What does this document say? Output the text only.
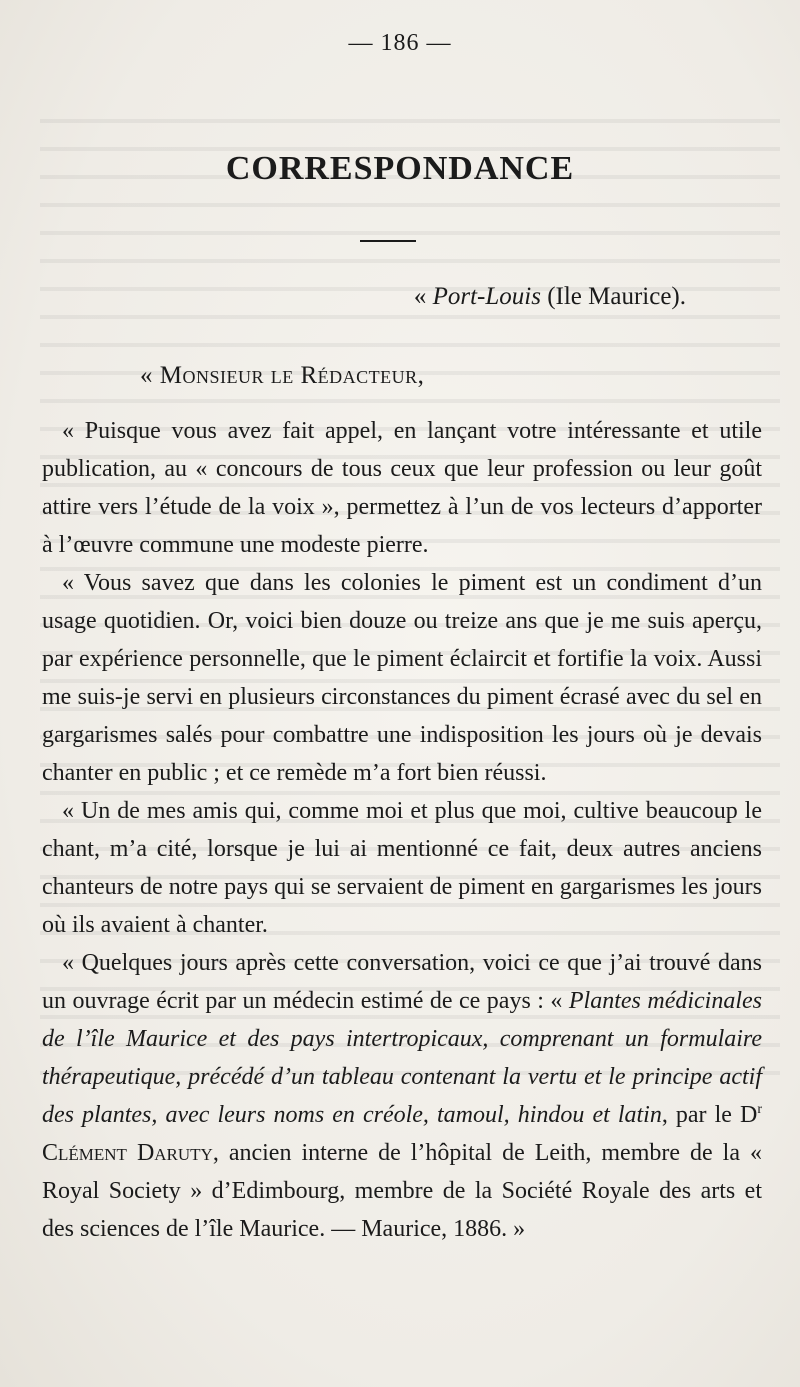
— 186 —
CORRESPONDANCE
« Port-Louis (Ile Maurice).
« Monsieur le Rédacteur,

« Puisque vous avez fait appel, en lançant votre intéressante et utile publication, au « concours de tous ceux que leur profession ou leur goût attire vers l’étude de la voix », permettez à l’un de vos lecteurs d’apporter à l’œuvre commune une modeste pierre.

« Vous savez que dans les colonies le piment est un condiment d’un usage quotidien. Or, voici bien douze ou treize ans que je me suis aperçu, par expérience personnelle, que le piment éclaircit et fortifie la voix. Aussi me suis-je servi en plusieurs circonstances du piment écrasé avec du sel en gargarismes salés pour combattre une indisposition les jours où je devais chanter en public ; et ce remède m’a fort bien réussi.

« Un de mes amis qui, comme moi et plus que moi, cultive beaucoup le chant, m’a cité, lorsque je lui ai mentionné ce fait, deux autres anciens chanteurs de notre pays qui se servaient de piment en gargarismes les jours où ils avaient à chanter.

« Quelques jours après cette conversation, voici ce que j’ai trouvé dans un ouvrage écrit par un médecin estimé de ce pays : « Plantes médicinales de l’île Maurice et des pays intertropicaux, comprenant un formulaire thérapeutique, précédé d’un tableau contenant la vertu et le principe actif des plantes, avec leurs noms en créole, tamoul, hindou et latin, par le $D^r$ Clément Daruty, ancien interne de l’hôpital de Leith, membre de la « Royal Society » d’Edimbourg, membre de la Société Royale des arts et des sciences de l’île Maurice. — Maurice, 1886. »
